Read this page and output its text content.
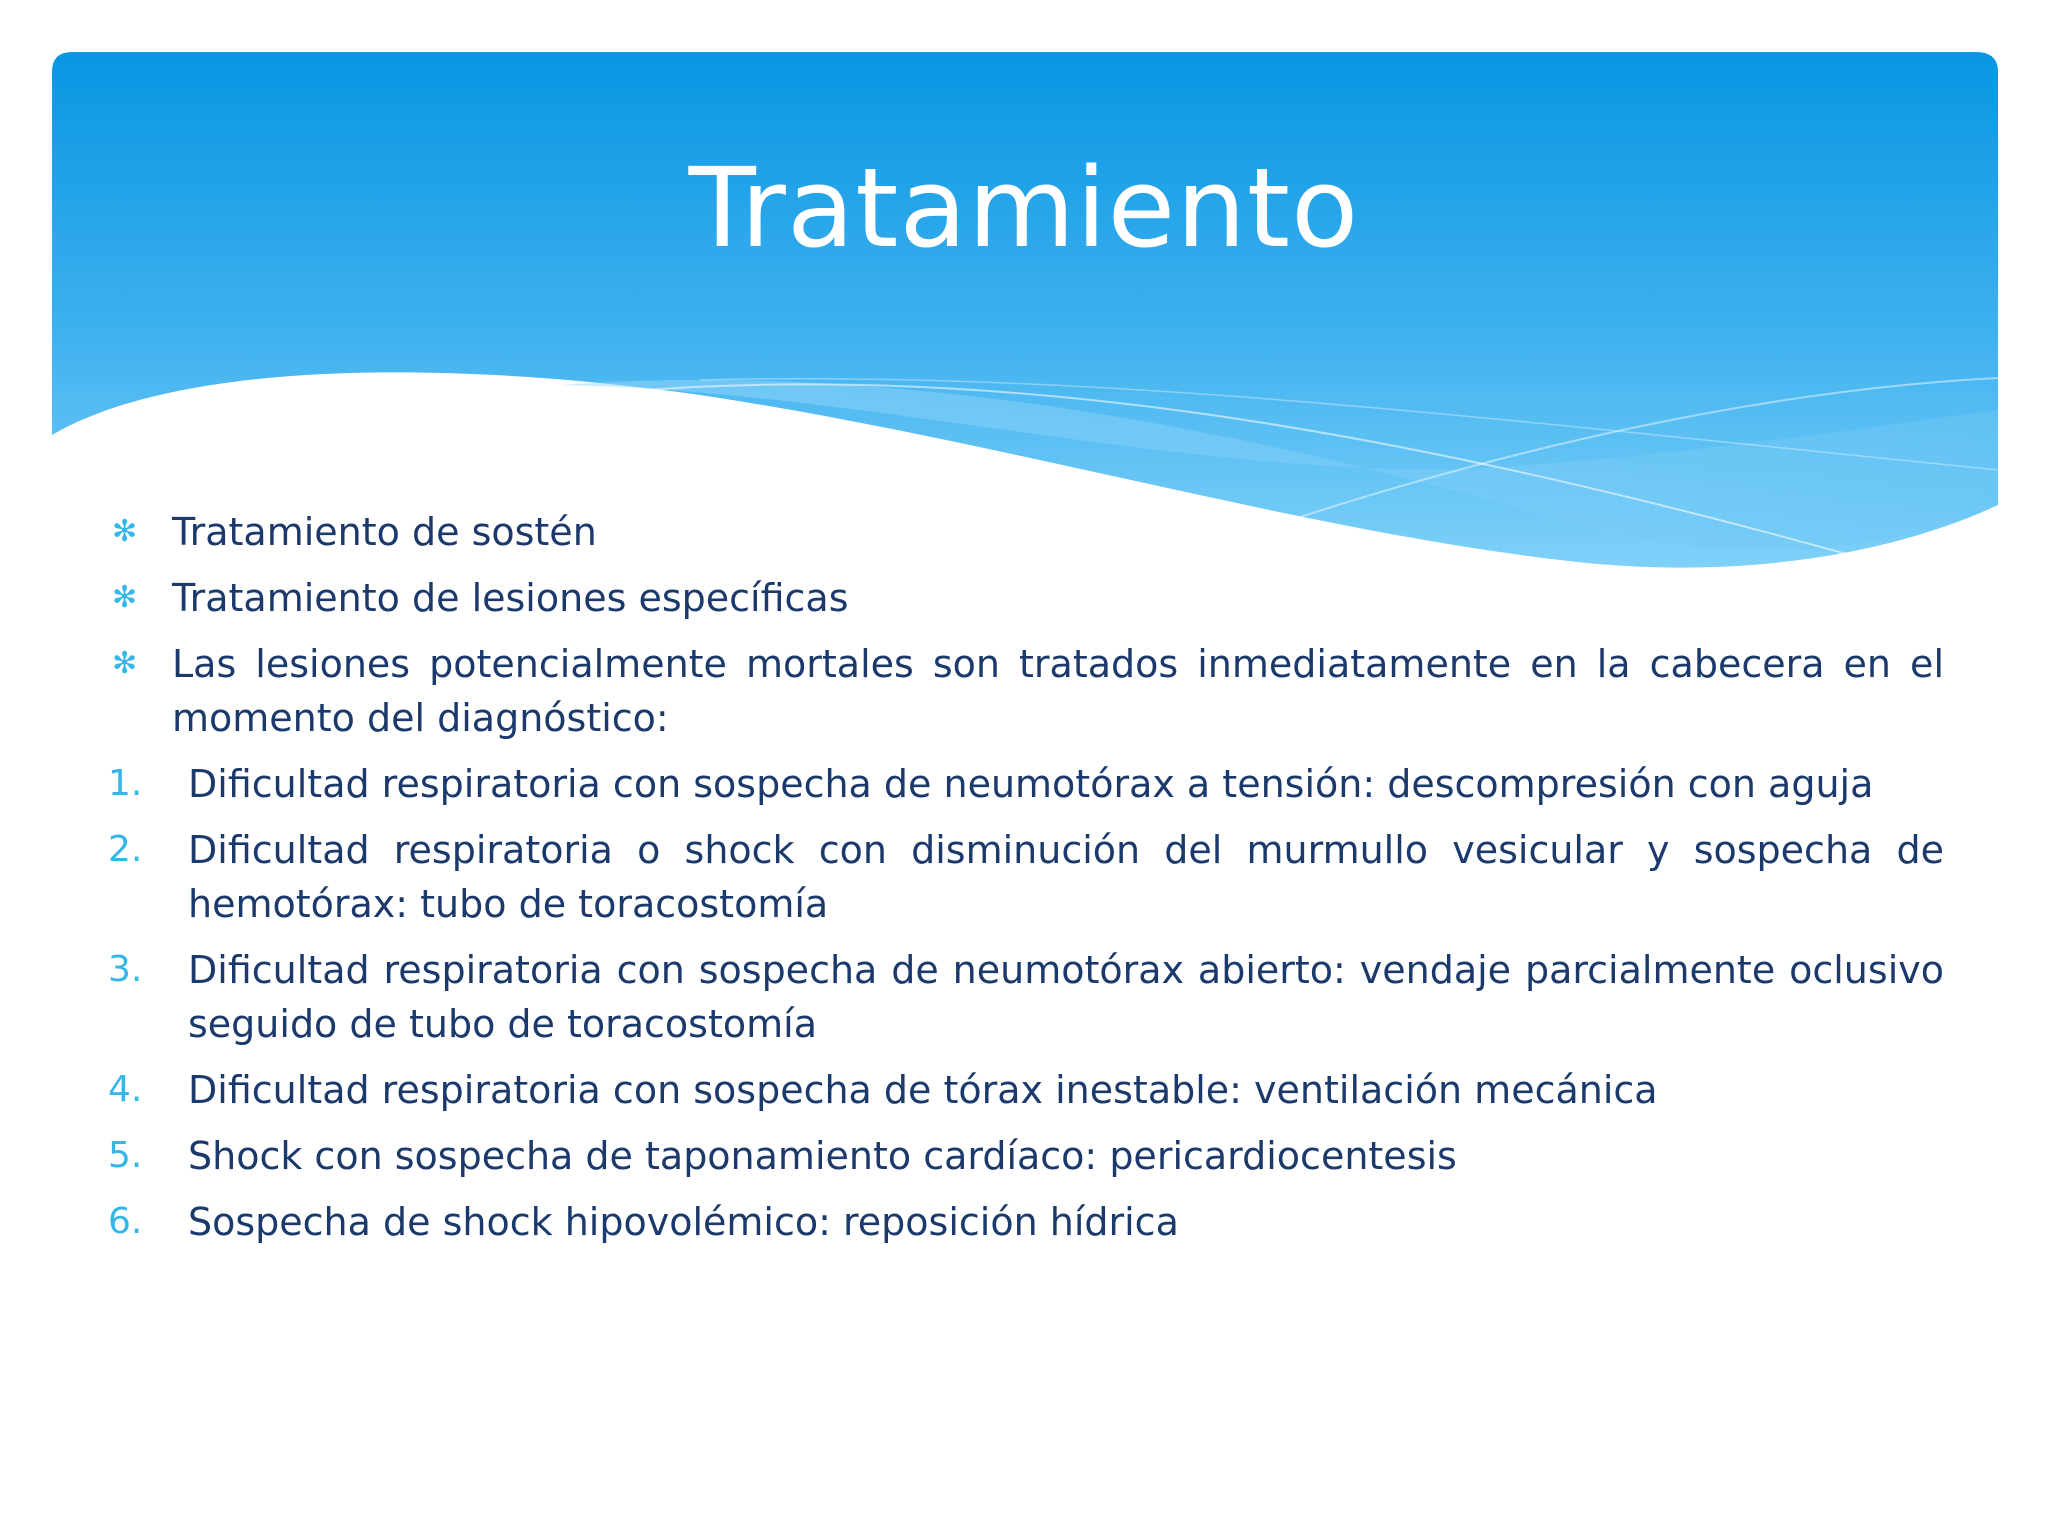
Tratamiento
✻ Tratamiento de sostén
✻ Tratamiento de lesiones específicas
✻ Las lesiones potencialmente mortales son tratados inmediatamente en la cabecera en el momento del diagnóstico:
1. Dificultad respiratoria con sospecha de neumotórax a tensión: descompresión con aguja
2. Dificultad respiratoria o shock con disminución del murmullo vesicular y sospecha de hemotórax: tubo de toracostomía
3. Dificultad respiratoria con sospecha de neumotórax abierto: vendaje parcialmente oclusivo seguido de tubo de toracostomía
4. Dificultad respiratoria con sospecha de tórax inestable: ventilación mecánica
5. Shock con sospecha de taponamiento cardíaco: pericardiocentesis
6. Sospecha de shock hipovolémico: reposición hídrica
